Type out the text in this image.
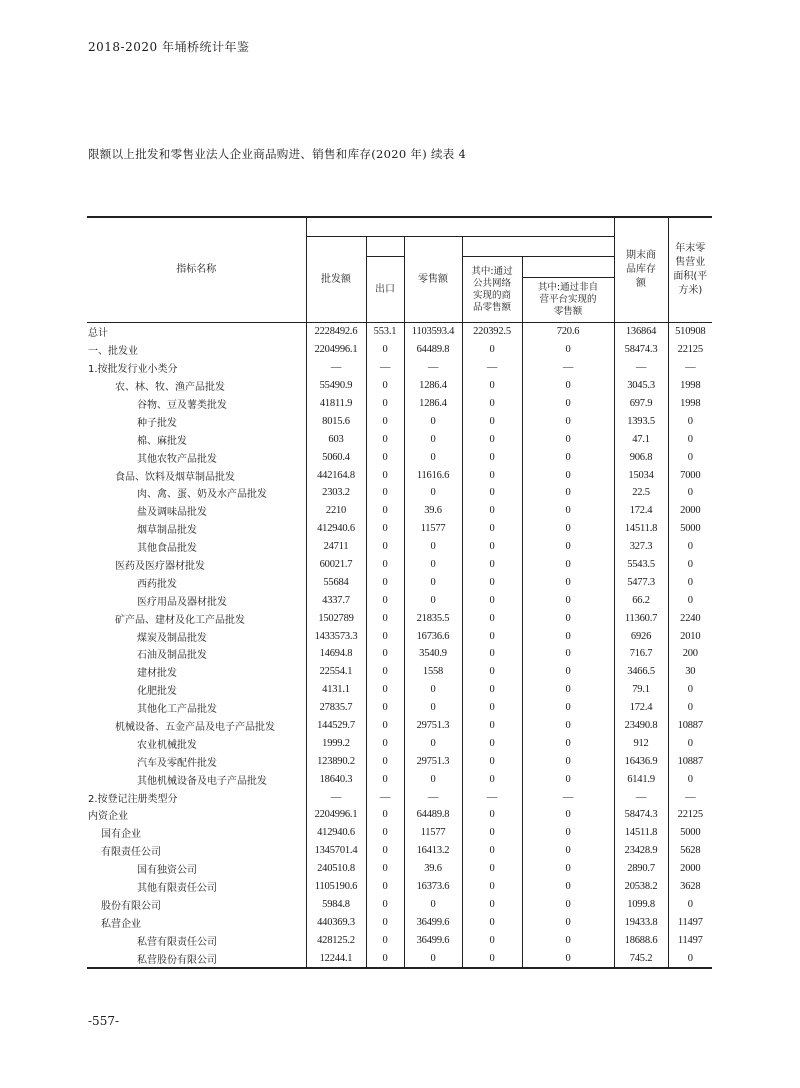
2018-2020 年埇桥统计年鉴
限额以上批发和零售业法人企业商品购进、销售和库存(2020 年) 续表 4
指标名称		
期末商
品库存
额

年末零
售营业
面积(平
方米)

批发额		零售额	
出口	
其中:通过
公共网络
实现的商
品零售额

其中:通过非自
营平台实现的
零售额

总计	2228492.6	553.1	1103593.4	220392.5	720.6	136864	510908
一、批发业	2204996.1	0	64489.8	0	0	58474.3	22125
1.按批发行业小类分	—	—	—	—	—	—	—
农、林、牧、渔产品批发	55490.9	0	1286.4	0	0	3045.3	1998
谷物、豆及薯类批发	41811.9	0	1286.4	0	0	697.9	1998
种子批发	8015.6	0	0	0	0	1393.5	0
棉、麻批发	603	0	0	0	0	47.1	0
其他农牧产品批发	5060.4	0	0	0	0	906.8	0
食品、饮料及烟草制品批发	442164.8	0	11616.6	0	0	15034	7000
肉、禽、蛋、奶及水产品批发	2303.2	0	0	0	0	22.5	0
盐及调味品批发	2210	0	39.6	0	0	172.4	2000
烟草制品批发	412940.6	0	11577	0	0	14511.8	5000
其他食品批发	24711	0	0	0	0	327.3	0
医药及医疗器材批发	60021.7	0	0	0	0	5543.5	0
西药批发	55684	0	0	0	0	5477.3	0
医疗用品及器材批发	4337.7	0	0	0	0	66.2	0
矿产品、建材及化工产品批发	1502789	0	21835.5	0	0	11360.7	2240
煤炭及制品批发	1433573.3	0	16736.6	0	0	6926	2010
石油及制品批发	14694.8	0	3540.9	0	0	716.7	200
建材批发	22554.1	0	1558	0	0	3466.5	30
化肥批发	4131.1	0	0	0	0	79.1	0
其他化工产品批发	27835.7	0	0	0	0	172.4	0
机械设备、五金产品及电子产品批发	144529.7	0	29751.3	0	0	23490.8	10887
农业机械批发	1999.2	0	0	0	0	912	0
汽车及零配件批发	123890.2	0	29751.3	0	0	16436.9	10887
其他机械设备及电子产品批发	18640.3	0	0	0	0	6141.9	0
2.按登记注册类型分	—	—	—	—	—	—	—
内资企业	2204996.1	0	64489.8	0	0	58474.3	22125
国有企业	412940.6	0	11577	0	0	14511.8	5000
有限责任公司	1345701.4	0	16413.2	0	0	23428.9	5628
国有独资公司	240510.8	0	39.6	0	0	2890.7	2000
其他有限责任公司	1105190.6	0	16373.6	0	0	20538.2	3628
股份有限公司	5984.8	0	0	0	0	1099.8	0
私营企业	440369.3	0	36499.6	0	0	19433.8	11497
私营有限责任公司	428125.2	0	36499.6	0	0	18688.6	11497
私营股份有限公司	12244.1	0	0	0	0	745.2	0
-557-
